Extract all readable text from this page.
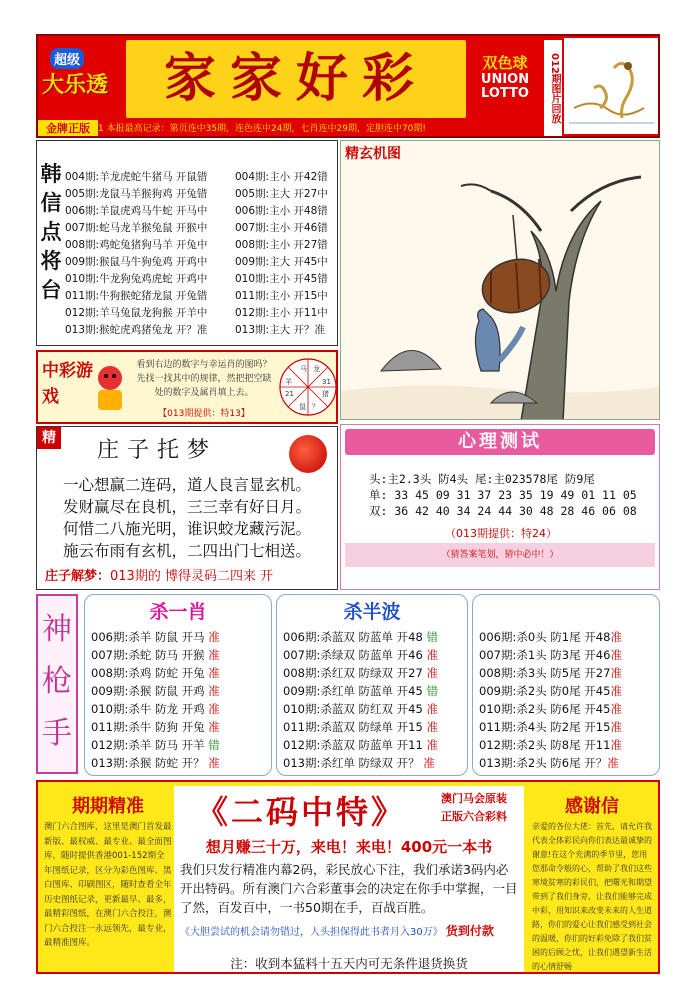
超级
大乐透	家家好彩	双色球
UNION
LOTTO	012期图片回放
金牌正版 1 本报最高记录：第页连中35期，连色连中24期，七肖连中29期，定胆连中70期!
韩信点将台
004期:羊龙虎蛇牛猪马 开鼠错	004期:主小 开42错
005期:龙鼠马羊猴狗鸡 开兔错	005期:主大 开27中
006期:羊鼠虎鸡马牛蛇 开马中	006期:主小 开48错
007期:蛇马龙羊猴兔鼠 开猴中	007期:主小 开46错
008期:鸡蛇兔猪狗马羊 开兔中	008期:主小 开27错
009期:猴鼠马牛狗兔鸡 开鸡中	009期:主大 开45中
010期:牛龙狗兔鸡虎蛇 开鸡中	010期:主小 开45错
011期:牛狗猴蛇猪龙鼠 开兔错	011期:主小 开15中
012期:羊马兔鼠龙狗猴 开羊中	012期:主小 开11中
013期:猴蛇虎鸡猪兔龙 开？准	013期:主大 开？准
精玄机图
中彩游戏
看到右边的数字与幸运肖的图吗？先找一找其中的规律，然把把空缺处的数字及属肖填上去。
【013期提供：特13】
马 龙
31
猪
？
鼠
21
羊
精 庄子托梦
一心想赢二连码，道人良言显玄机。
发财赢尽在良机，三三幸有好日月。
何惜二八施光明，谁识蛟龙藏污泥。
施云布雨有玄机，二四出门七相送。
庄子解梦：013期的 博得灵码二四来 开
心理测试
头:主2.3头 防4头 尾:主023578尾 防9尾
单: 33 45 09 31 37 23 35 19 49 01 11 05
双: 36 42 40 34 24 44 30 48 28 46 06 08
（013期提供：特24）
（猜答案笔划，猜中必中！）
神枪手
杀一肖
006期:杀羊 防鼠 开马 准
007期:杀蛇 防马 开猴 准
008期:杀鸡 防蛇 开兔 准
009期:杀猴 防鼠 开鸡 准
010期:杀牛 防龙 开鸡 准
011期:杀牛 防狗 开兔 准
012期:杀羊 防马 开羊 错
013期:杀猴 防蛇 开？ 准
杀半波
006期:杀蓝双 防蓝单 开48 错
007期:杀绿双 防蓝单 开46 准
008期:杀红双 防绿双 开27 准
009期:杀红单 防蓝单 开45 错
010期:杀蓝双 防红双 开45 准
011期:杀蓝双 防绿单 开15 准
012期:杀蓝双 防蓝单 开11 准
013期:杀红单 防绿双 开？ 准
006期:杀0头 防1尾 开48准
007期:杀1头 防3尾 开46准
008期:杀3头 防5尾 开27准
009期:杀2头 防0尾 开45准
010期:杀2头 防6尾 开45准
011期:杀4头 防2尾 开15准
012期:杀2头 防8尾 开11准
013期:杀2头 防6尾 开？准
期期精准
澳门六合图库，这里是澳门首发最新版、最权威、最专业、最全面图库，随时提供香港001-152期全年图纸记录，区分为彩色图库、黑白图库、印刷图区，随时查看全年历史图纸记录，更新最早、最多，最精彩图纸，在澳门六合投注，澳门六合投注一永远领先，最专业，最精准图库。
《二码中特》	澳门马会原装
正版六合彩料
想月赚三十万，来电！来电！400元一本书
我们只发行精准内幕2码，彩民放心下注，我们承诺3码内必开出特码。所有澳门六合彩董事会的决定在你手中掌握，一目了然，百发百中，一书50期在手，百战百胜。
《大胆尝试的机会请勿错过，人头担保得此书者月入30万》 货到付款
注：收到本猛料十五天内可无条件退货换货
感谢信
亲爱的各位大佬：首先，请允许我代表全体彩民向你们表达最诚挚的谢意!在这个充满的季节里，您用您那命令般的心，帮助了我们这些寒境贫寒的彩民们，把曙光和期望带到了我们身旁，让我们能够完成中彩，用知识来改变未来的人生道路，你们的爱心让我们感受到社会的温暖，你们的好彩免除了我们贫困的后顾之忧，让我们遇望新生活的心情舒畅
